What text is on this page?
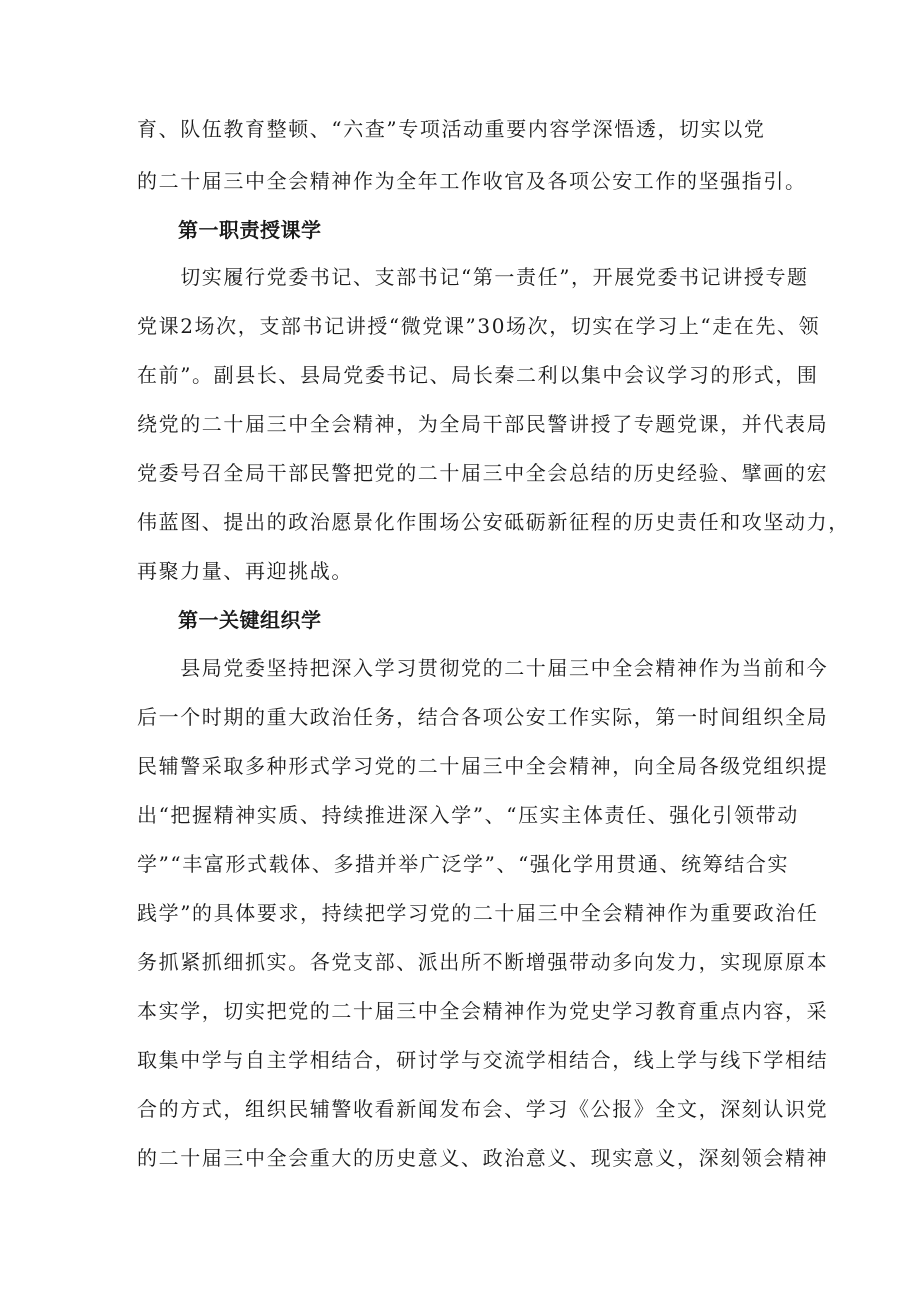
育、队伍教育整顿、“六查”专项活动重要内容学深悟透，切实以党
的二十届三中全会精神作为全年工作收官及各项公安工作的坚强指引。
第一职责授课学
　　切实履行党委书记、支部书记“第一责任”，开展党委书记讲授专题
党课2场次，支部书记讲授“微党课”30场次，切实在学习上“走在先、领
在前”。副县长、县局党委书记、局长秦二利以集中会议学习的形式，围
绕党的二十届三中全会精神，为全局干部民警讲授了专题党课，并代表局
党委号召全局干部民警把党的二十届三中全会总结的历史经验、擘画的宏
伟蓝图、提出的政治愿景化作围场公安砥砺新征程的历史责任和攻坚动力，
再聚力量、再迎挑战。
第一关键组织学
　　县局党委坚持把深入学习贯彻党的二十届三中全会精神作为当前和今
后一个时期的重大政治任务，结合各项公安工作实际，第一时间组织全局
民辅警采取多种形式学习党的二十届三中全会精神，向全局各级党组织提
出“把握精神实质、持续推进深入学”、“压实主体责任、强化引领带动
学”“丰富形式载体、多措并举广泛学”、“强化学用贯通、统筹结合实
践学”的具体要求，持续把学习党的二十届三中全会精神作为重要政治任
务抓紧抓细抓实。各党支部、派出所不断增强带动多向发力，实现原原本
本实学，切实把党的二十届三中全会精神作为党史学习教育重点内容，采
取集中学与自主学相结合，研讨学与交流学相结合，线上学与线下学相结
合的方式，组织民辅警收看新闻发布会、学习《公报》全文，深刻认识党
的二十届三中全会重大的历史意义、政治意义、现实意义，深刻领会精神
